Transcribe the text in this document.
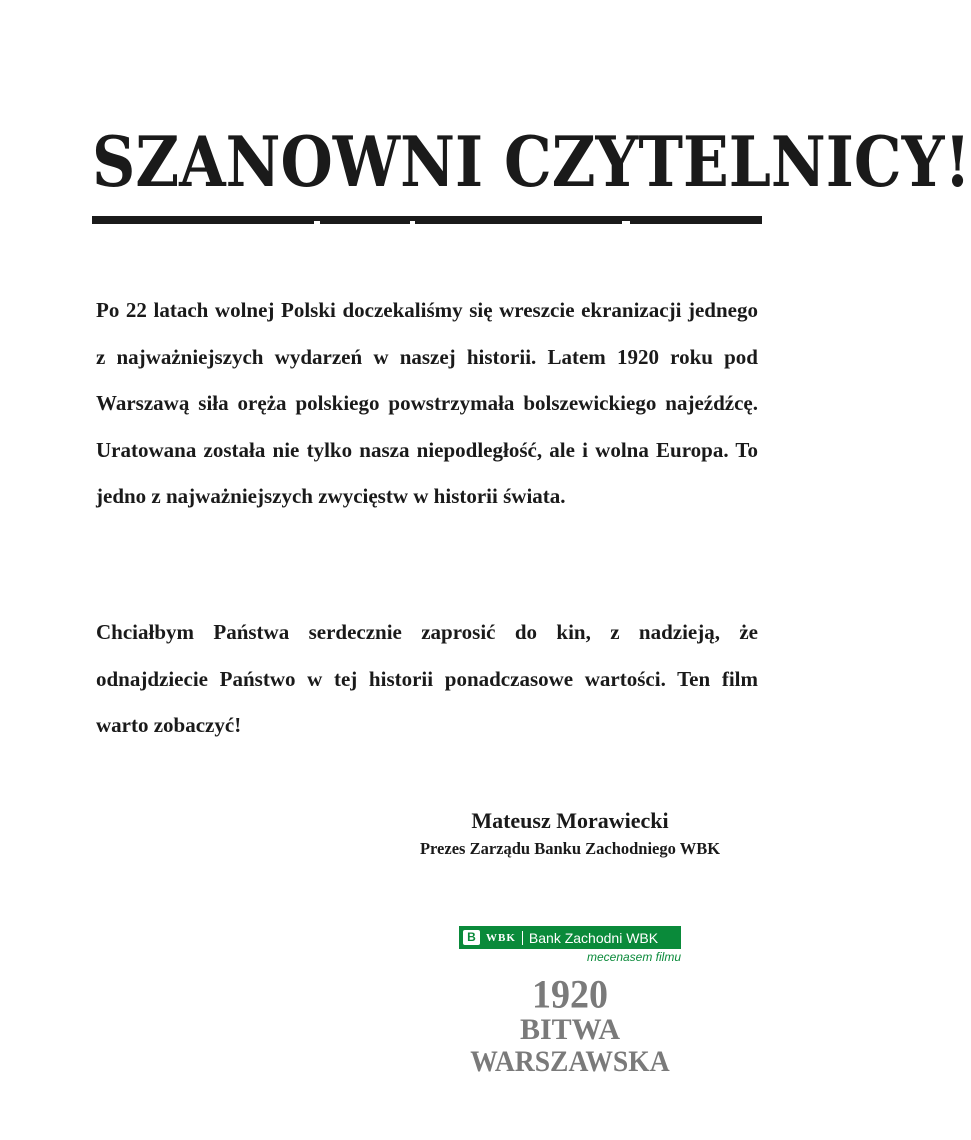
SZANOWNI CZYTELNICY!

Po 22 latach wolnej Polski doczekaliśmy się wreszcie ekranizacji jednego z najważniejszych wydarzeń w naszej historii. Latem 1920 roku pod Warszawą siła oręża polskiego powstrzymała bolszewickiego najeźdźcę. Uratowana została nie tylko nasza niepodległość, ale i wolna Europa. To jedno z najważniejszych zwycięstw w historii świata.

Chciałbym Państwa serdecznie zaprosić do kin, z nadzieją, że odnajdziecie Państwo w tej historii ponadczasowe wartości. Ten film warto zobaczyć!

Mateusz Morawiecki
Prezes Zarządu Banku Zachodniego WBK
B WBK Bank Zachodni WBK
mecenasem filmu
1920
BITWA
WARSZAWSKA
